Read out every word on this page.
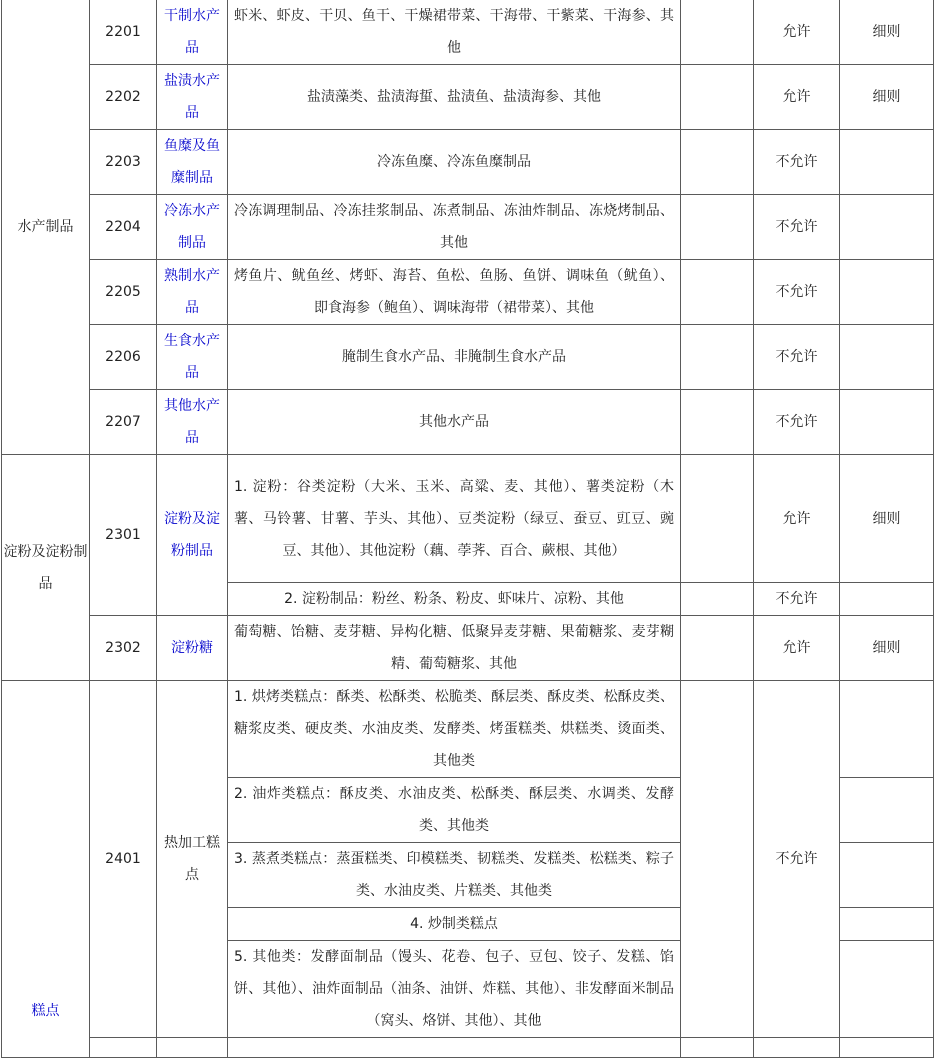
水产制品	2201	干制水产品	虾米、虾皮、干贝、鱼干、干燥裙带菜、干海带、干紫菜、干海参、其他		允许	细则
	2202	盐渍水产品	盐渍藻类、盐渍海蜇、盐渍鱼、盐渍海参、其他		允许	细则
	2203	鱼糜及鱼糜制品	冷冻鱼糜、冷冻鱼糜制品		不允许	
	2204	冷冻水产制品	冷冻调理制品、冷冻挂浆制品、冻煮制品、冻油炸制品、冻烧烤制品、其他		不允许	
	2205	熟制水产品	烤鱼片、鱿鱼丝、烤虾、海苔、鱼松、鱼肠、鱼饼、调味鱼（鱿鱼）、即食海参（鲍鱼）、调味海带（裙带菜）、其他		不允许	
	2206	生食水产品	腌制生食水产品、非腌制生食水产品		不允许	
	2207	其他水产品	其他水产品		不允许	
淀粉及淀粉制品	2301	淀粉及淀粉制品	1. 淀粉：谷类淀粉（大米、玉米、高粱、麦、其他）、薯类淀粉（木薯、马铃薯、甘薯、芋头、其他）、豆类淀粉（绿豆、蚕豆、豇豆、豌豆、其他）、其他淀粉（藕、荸荠、百合、蕨根、其他）		允许	细则
			2. 淀粉制品：粉丝、粉条、粉皮、虾味片、凉粉、其他		不允许	
	2302	淀粉糖	葡萄糖、饴糖、麦芽糖、异构化糖、低聚异麦芽糖、果葡糖浆、麦芽糊精、葡萄糖浆、其他		允许	细则
糕点	2401	热加工糕点	1. 烘烤类糕点：酥类、松酥类、松脆类、酥层类、酥皮类、松酥皮类、糖浆皮类、硬皮类、水油皮类、发酵类、烤蛋糕类、烘糕类、烫面类、其他类		不允许	
			2. 油炸类糕点：酥皮类、水油皮类、松酥类、酥层类、水调类、发酵类、其他类			
			3. 蒸煮类糕点：蒸蛋糕类、印模糕类、韧糕类、发糕类、松糕类、粽子类、水油皮类、片糕类、其他类			
			4. 炒制类糕点			
			5. 其他类：发酵面制品（馒头、花卷、包子、豆包、饺子、发糕、馅饼、其他）、油炸面制品（油条、油饼、炸糕、其他）、非发酵面米制品（窝头、烙饼、其他）、其他			
